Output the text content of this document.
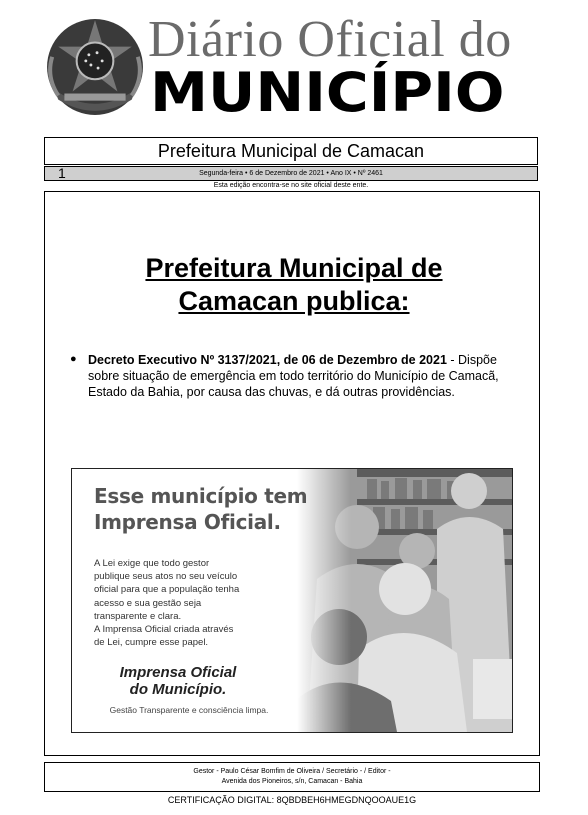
Diário Oficial do
MUNICÍPIO
Prefeitura Municipal de Camacan
Segunda-feira • 6 de Dezembro de 2021 • Ano IX • Nº 2461
1
Esta edição encontra-se no site oficial deste ente.
Prefeitura Municipal de
Camacan publica:
● Decreto Executivo Nº 3137/2021, de 06 de Dezembro de 2021 - Dispõe sobre situação de emergência em todo território do Município de Camacã, Estado da Bahia, por causa das chuvas, e dá outras providências.
Esse município tem
Imprensa Oficial.
A Lei exige que todo gestor
publique seus atos no seu veículo
oficial para que a população tenha
acesso e sua gestão seja
transparente e clara.
A Imprensa Oficial criada através
de Lei, cumpre esse papel.
Imprensa Oficial
do Município.
Gestão Transparente e consciência limpa.
Gestor - Paulo César Bomfim de Oliveira / Secretário - / Editor -
Avenida dos Pioneiros, s/n, Camacan - Bahia
CERTIFICAÇÃO DIGITAL: 8QBDBEH6HMEGDNQOOAUE1G
